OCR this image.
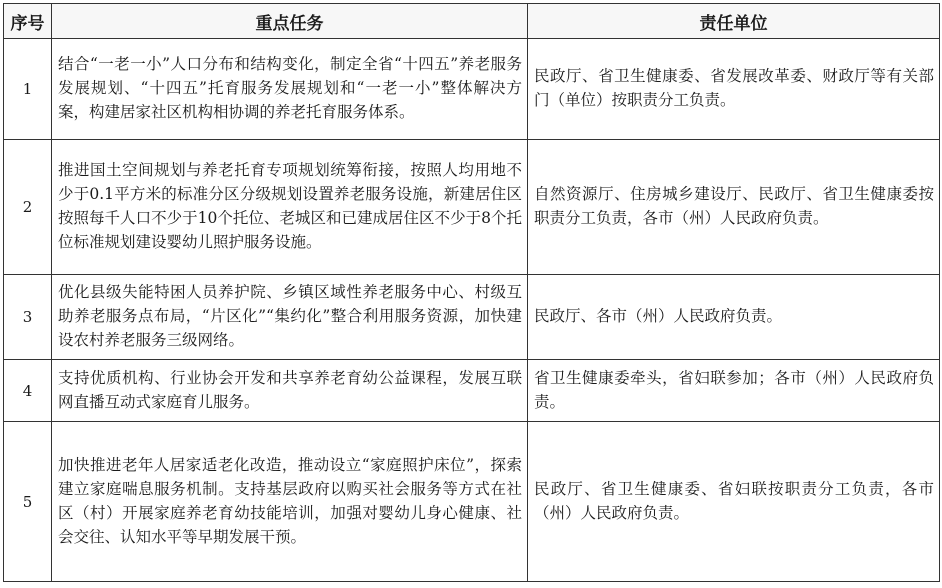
序号	重点任务	责任单位
1	结合“一老一小”人口分布和结构变化，制定全省“十四五”养老服务发展规划、“十四五”托育服务发展规划和“一老一小”整体解决方案，构建居家社区机构相协调的养老托育服务体系。	民政厅、省卫生健康委、省发展改革委、财政厅等有关部门（单位）按职责分工负责。
2	推进国土空间规划与养老托育专项规划统筹衔接，按照人均用地不少于0.1平方米的标准分区分级规划设置养老服务设施，新建居住区按照每千人口不少于10个托位、老城区和已建成居住区不少于8个托位标准规划建设婴幼儿照护服务设施。	自然资源厅、住房城乡建设厅、民政厅、省卫生健康委按职责分工负责，各市（州）人民政府负责。
3	优化县级失能特困人员养护院、乡镇区域性养老服务中心、村级互助养老服务点布局，“片区化”“集约化”整合利用服务资源，加快建设农村养老服务三级网络。	民政厅、各市（州）人民政府负责。
4	支持优质机构、行业协会开发和共享养老育幼公益课程，发展互联网直播互动式家庭育儿服务。	省卫生健康委牵头，省妇联参加；各市（州）人民政府负责。
5	加快推进老年人居家适老化改造，推动设立“家庭照护床位”，探索建立家庭喘息服务机制。支持基层政府以购买社会服务等方式在社区（村）开展家庭养老育幼技能培训，加强对婴幼儿身心健康、社会交往、认知水平等早期发展干预。	民政厅、省卫生健康委、省妇联按职责分工负责，各市（州）人民政府负责。
